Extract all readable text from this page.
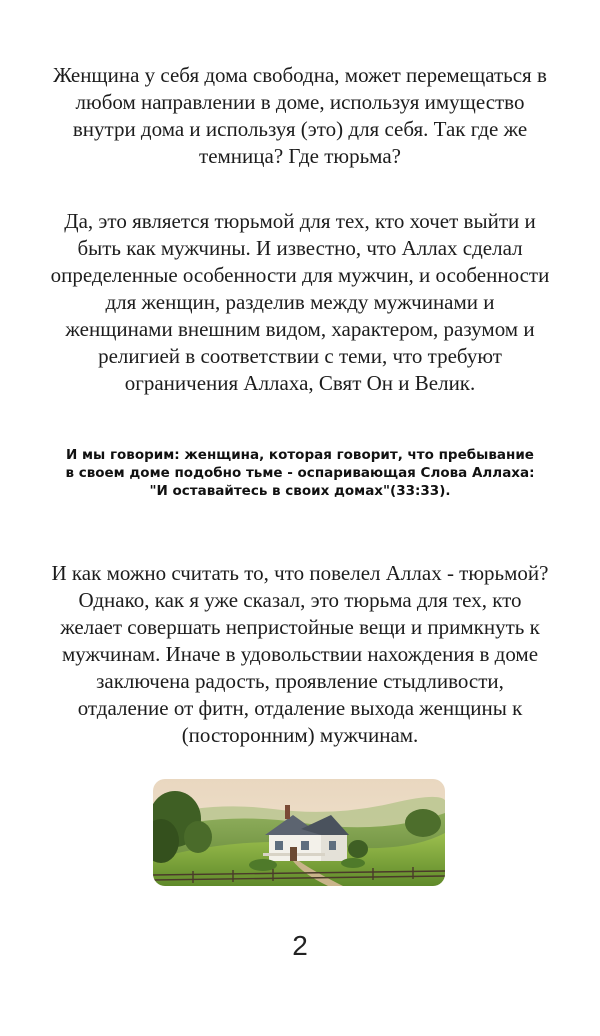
Женщина у себя дома свободна, может перемещаться в любом направлении в доме, используя имущество внутри дома и используя (это) для себя. Так где же темница? Где тюрьма?

Да, это является тюрьмой для тех, кто хочет выйти и быть как мужчины. И известно, что Аллах сделал определенные особенности для мужчин, и особенности для женщин, разделив между мужчинами и женщинами внешним видом, характером, разумом и религией в соответствии с теми, что требуют ограничения Аллаха, Свят Он и Велик.

И мы говорим: женщина, которая говорит, что пребывание в своем доме подобно тьме - оспаривающая Слова Аллаха: "И оставайтесь в своих домах"(33:33).

И как можно считать то, что повелел Аллах - тюрьмой? Однако, как я уже сказал, это тюрьма для тех, кто желает совершать непристойные вещи и примкнуть к мужчинам. Иначе в удовольствии нахождения в доме заключена радость, проявление стыдливости, отдаление от фитн, отдаление выхода женщины к (посторонним) мужчинам.

2
